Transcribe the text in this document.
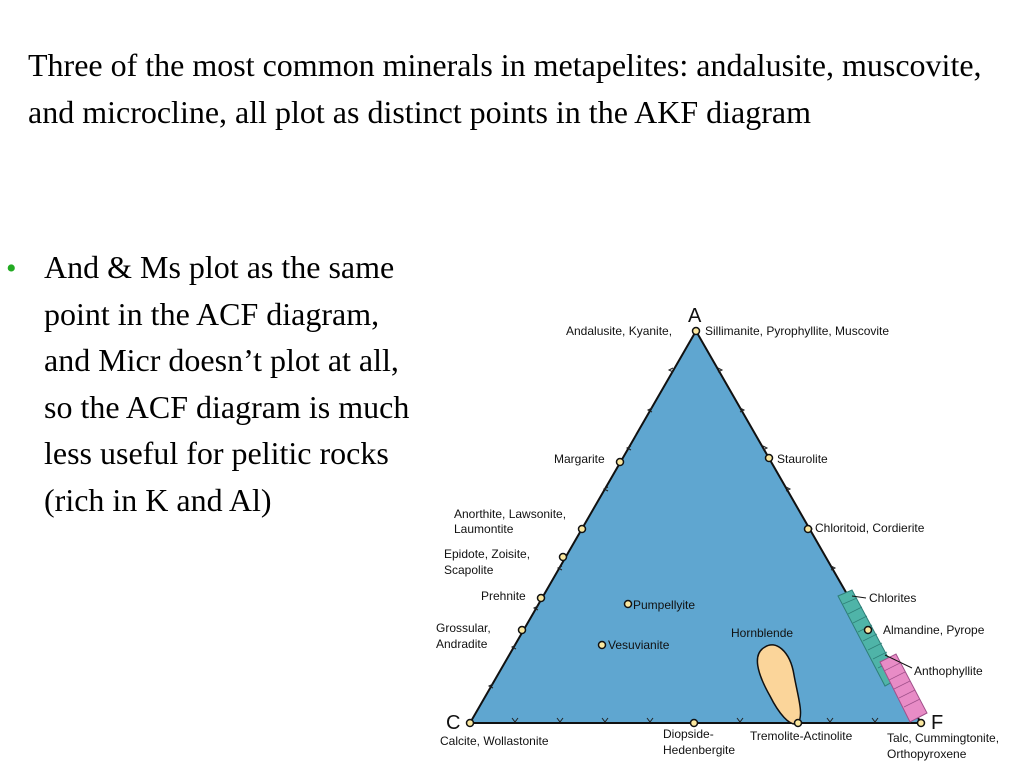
Three of the most common minerals in metapelites: andalusite, muscovite, and microcline, all plot as distinct points in the AKF diagram
• And & Ms plot as the same point in the ACF diagram, and Micr doesn’t plot at all, so the ACF diagram is much less useful for pelitic rocks (rich in K and Al)
A
C	F
Andalusite, Kyanite,	Sillimanite, Pyrophyllite, Muscovite
Margarite	Staurolite
Anorthite, Lawsonite,
Laumontite	Chloritoid, Cordierite
Epidote, Zoisite,
Scapolite
Prehnite
Pumpellyite	Chlorites
Grossular,
Andradite	Vesuvianite
Hornblende	Almandine, Pyrope
Anthophyllite
Calcite, Wollastonite	Diopside-
Hedenbergite
Tremolite-Actinolite	Talc, Cummingtonite,
Orthopyroxene
